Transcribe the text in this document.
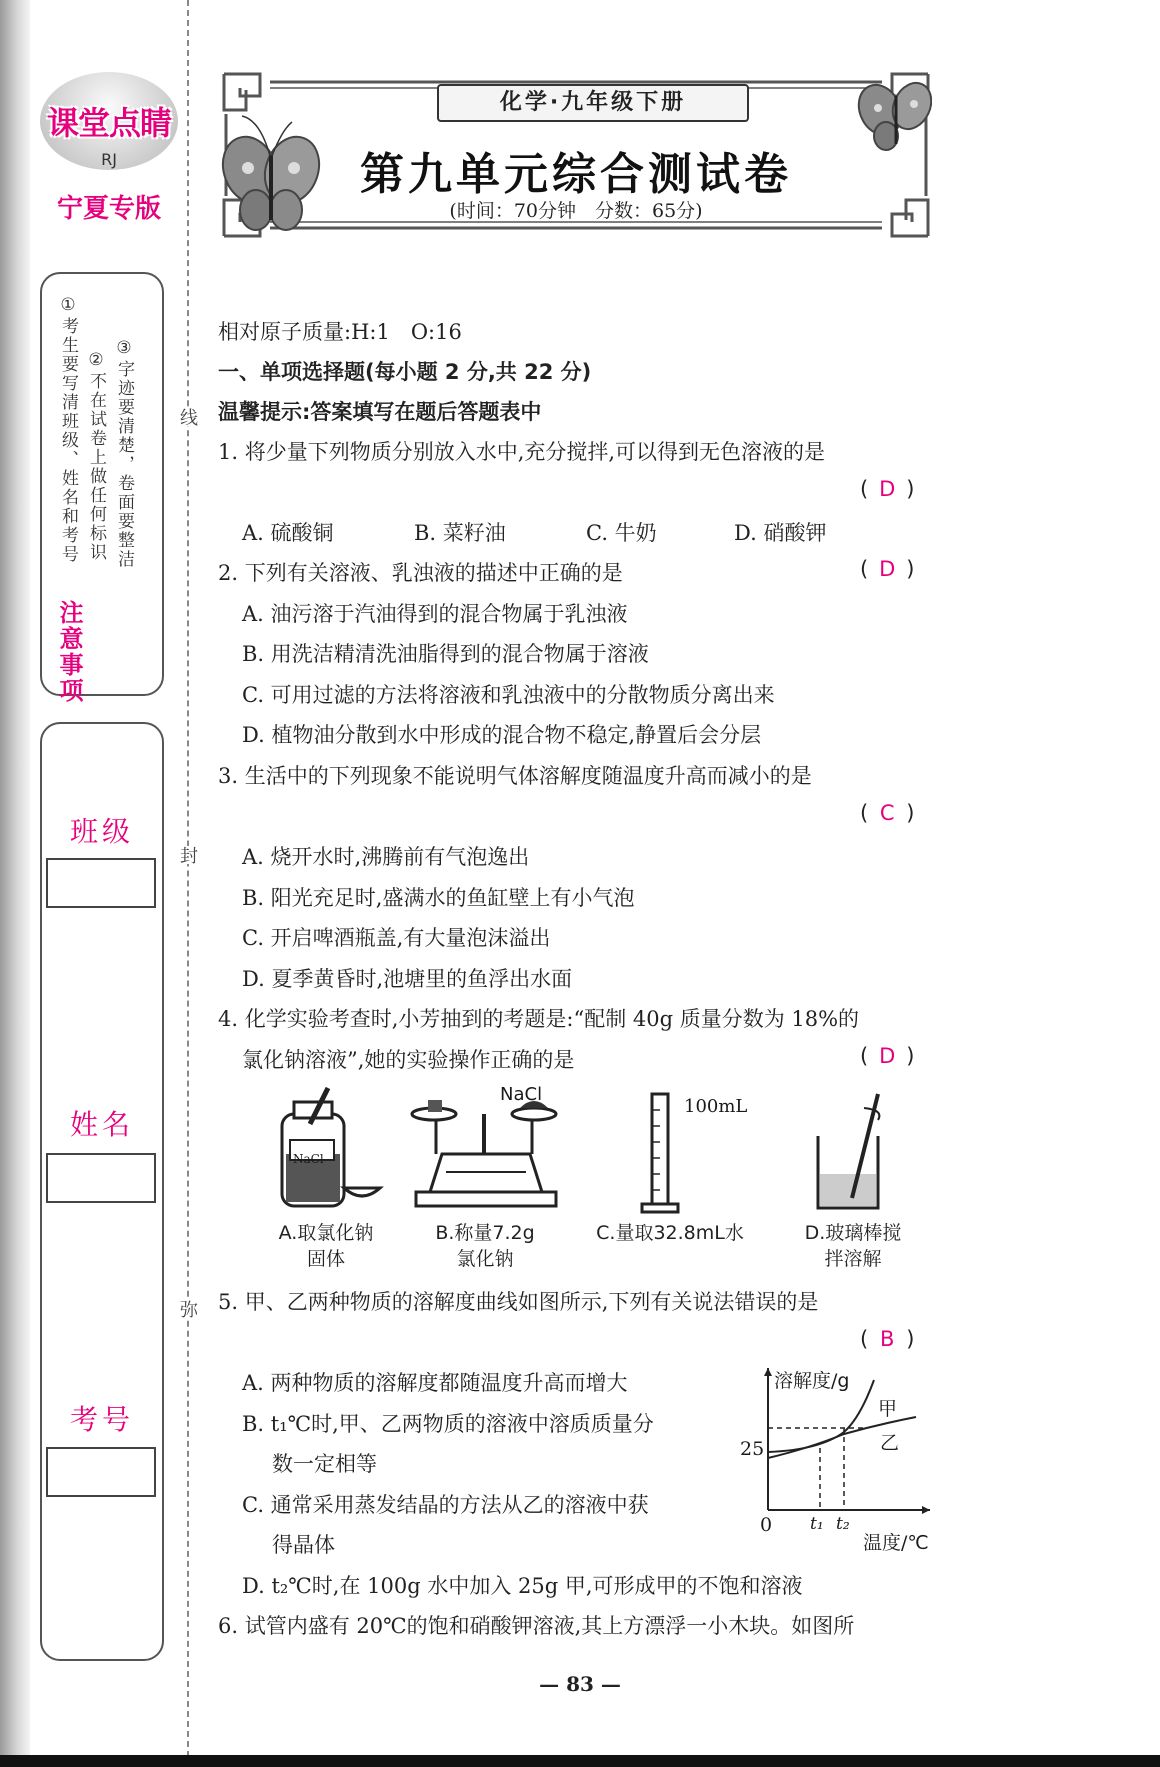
线
封
弥
课堂点睛
RJ
宁夏专版
注意事项
①考生要写清班级、姓名和考号 ②不在试卷上做任何标识 ③字迹要清楚，卷面要整洁
班级
姓名
考号
化学·九年级下册
第九单元综合测试卷
(时间：70分钟　分数：65分)
相对原子质量:H:1　O:16
一、单项选择题(每小题 2 分,共 22 分)
温馨提示:答案填写在题后答题表中
1. 将少量下列物质分别放入水中,充分搅拌,可以得到无色溶液的是
( D )
A. 硫酸铜	B. 菜籽油	C. 牛奶	D. 硝酸钾
2. 下列有关溶液、乳浊液的描述中正确的是	( D )
A. 油污溶于汽油得到的混合物属于乳浊液
B. 用洗洁精清洗油脂得到的混合物属于溶液
C. 可用过滤的方法将溶液和乳浊液中的分散物质分离出来
D. 植物油分散到水中形成的混合物不稳定,静置后会分层
3. 生活中的下列现象不能说明气体溶解度随温度升高而减小的是
( C )
A. 烧开水时,沸腾前有气泡逸出
B. 阳光充足时,盛满水的鱼缸壁上有小气泡
C. 开启啤酒瓶盖,有大量泡沫溢出
D. 夏季黄昏时,池塘里的鱼浮出水面
4. 化学实验考查时,小芳抽到的考题是:“配制 40g 质量分数为 18%的
氯化钠溶液”,她的实验操作正确的是	( D )
NaCl
NaCl
100mL
A.取氯化钠
固体
B.称量7.2g
氯化钠
C.量取32.8mL水	D.玻璃棒搅
拌溶解
5. 甲、乙两种物质的溶解度曲线如图所示,下列有关说法错误的是
( B )
A. 两种物质的溶解度都随温度升高而增大
B. t₁℃时,甲、乙两物质的溶液中溶质质量分
数一定相等
C. 通常采用蒸发结晶的方法从乙的溶液中获
得晶体
D. t₂℃时,在 100g 水中加入 25g 甲,可形成甲的不饱和溶液
溶解度/g
温度/℃
0
25
t₁ t₂
甲
乙
6. 试管内盛有 20℃的饱和硝酸钾溶液,其上方漂浮一小木块。如图所
— 83 —
